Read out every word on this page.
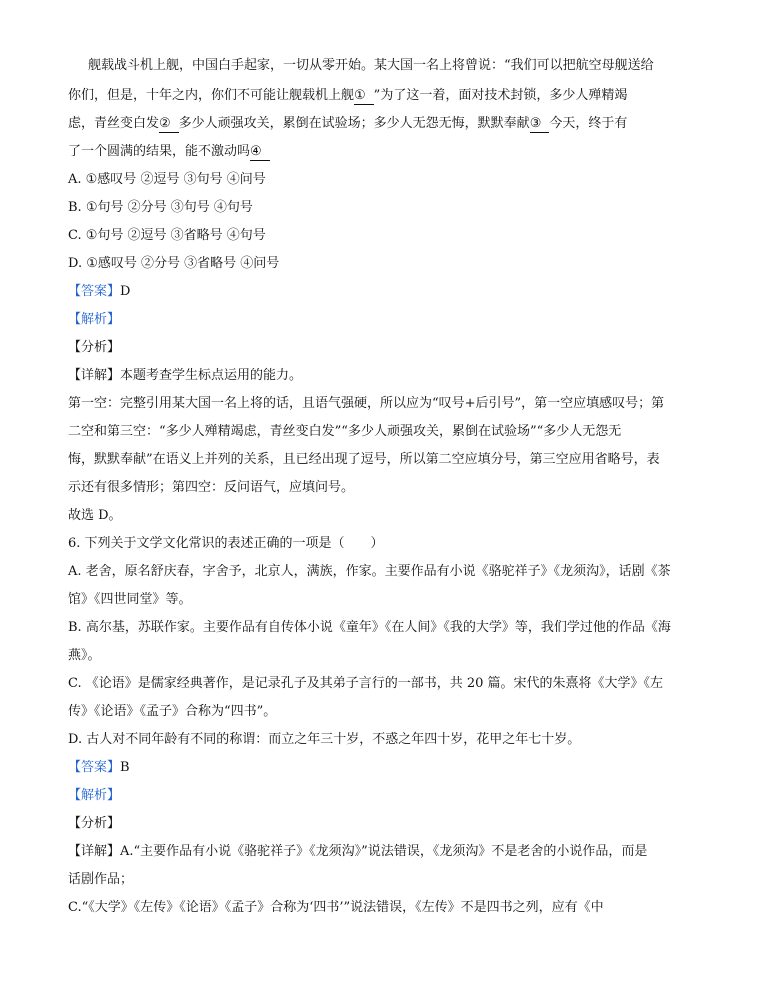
舰载战斗机上舰，中国白手起家，一切从零开始。某大国一名上将曾说：“我们可以把航空母舰送给
你们，但是，十年之内，你们不可能让舰载机上舰① ”为了这一着，面对技术封锁，多少人殚精竭
虑，青丝变白发② 多少人顽强攻关，累倒在试验场；多少人无怨无悔，默默奉献③ 今天，终于有
了一个圆满的结果，能不激动吗④
A. ①感叹号 ②逗号 ③句号 ④问号
B. ①句号 ②分号 ③句号 ④句号
C. ①句号 ②逗号 ③省略号 ④句号
D. ①感叹号 ②分号 ③省略号 ④问号
【答案】D
【解析】
【分析】
【详解】本题考查学生标点运用的能力。
第一空：完整引用某大国一名上将的话，且语气强硬，所以应为“叹号+后引号”，第一空应填感叹号；第
二空和第三空：“多少人殚精竭虑，青丝变白发”“多少人顽强攻关，累倒在试验场”“多少人无怨无
悔，默默奉献”在语义上并列的关系，且已经出现了逗号，所以第二空应填分号，第三空应用省略号，表
示还有很多情形；第四空：反问语气，应填问号。
故选 D。
6. 下列关于文学文化常识的表述正确的一项是（　　）
A. 老舍，原名舒庆春，字舍予，北京人，满族，作家。主要作品有小说《骆驼祥子》《龙须沟》，话剧《茶
馆》《四世同堂》等。
B. 高尔基，苏联作家。主要作品有自传体小说《童年》《在人间》《我的大学》等，我们学过他的作品《海
燕》。
C. 《论语》是儒家经典著作，是记录孔子及其弟子言行的一部书，共 20 篇。宋代的朱熹将《大学》《左
传》《论语》《孟子》合称为“四书”。
D. 古人对不同年龄有不同的称谓：而立之年三十岁，不惑之年四十岁，花甲之年七十岁。
【答案】B
【解析】
【分析】
【详解】A.“主要作品有小说《骆驼祥子》《龙须沟》”说法错误，《龙须沟》不是老舍的小说作品，而是
话剧作品；
C.“《大学》《左传》《论语》《孟子》合称为‘四书’”说法错误，《左传》不是四书之列，应有《中
